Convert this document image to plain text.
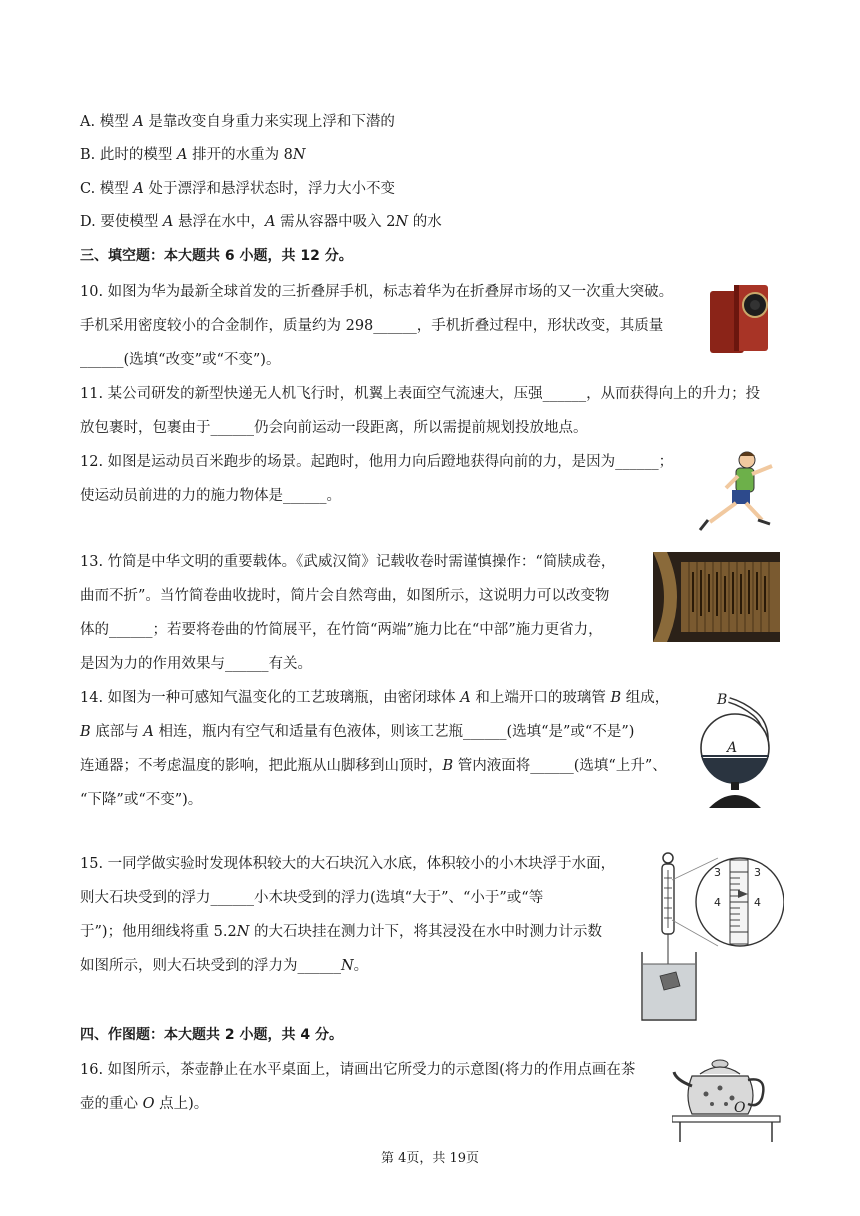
A. 模型 𝐴 是靠改变自身重力来实现上浮和下潜的
B. 此时的模型 𝐴 排开的水重为 8𝑁
C. 模型 𝐴 处于漂浮和悬浮状态时，浮力大小不变
D. 要使模型 𝐴 悬浮在水中，𝐴 需从容器中吸入 2𝑁 的水
三、填空题：本大题共 6 小题，共 12 分。
10. 如图为华为最新全球首发的三折叠屏手机，标志着华为在折叠屏市场的又一次重大突破。
手机采用密度较小的合金制作，质量约为 298______，手机折叠过程中，形状改变，其质量
______(选填“改变”或“不变”)。
11. 某公司研发的新型快递无人机飞行时，机翼上表面空气流速大，压强______，从而获得向上的升力；投
放包裹时，包裹由于______仍会向前运动一段距离，所以需提前规划投放地点。
12. 如图是运动员百米跑步的场景。起跑时，他用力向后蹬地获得向前的力，是因为______；
使运动员前进的力的施力物体是______。
13. 竹简是中华文明的重要载体。《武威汉简》记载收卷时需谨慎操作：“简牍成卷，
曲而不折”。当竹简卷曲收拢时，简片会自然弯曲，如图所示，这说明力可以改变物
体的______；若要将卷曲的竹简展平，在竹筒“两端”施力比在“中部”施力更省力，
是因为力的作用效果与______有关。
14. 如图为一种可感知气温变化的工艺玻璃瓶，由密闭球体 𝐴 和上端开口的玻璃管 𝐵 组成，
𝐵 底部与 𝐴 相连，瓶内有空气和适量有色液体，则该工艺瓶______(选填“是”或“不是”)
连通器；不考虑温度的影响，把此瓶从山脚移到山顶时，𝐵 管内液面将______(选填“上升”、
“下降”或“不变”)。
B
A
15. 一同学做实验时发现体积较大的大石块沉入水底，体积较小的小木块浮于水面，
则大石块受到的浮力______小木块受到的浮力(选填“大于”、“小于”或“等
于”)；他用细线将重 5.2𝑁 的大石块挂在测力计下，将其浸没在水中时测力计示数
如图所示，则大石块受到的浮力为______𝑁。
3	3
4	4
四、作图题：本大题共 2 小题，共 4 分。
16. 如图所示，茶壶静止在水平桌面上，请画出它所受力的示意图(将力的作用点画在茶
壶的重心 𝑂 点上)。	O
第 4页，共 19页
